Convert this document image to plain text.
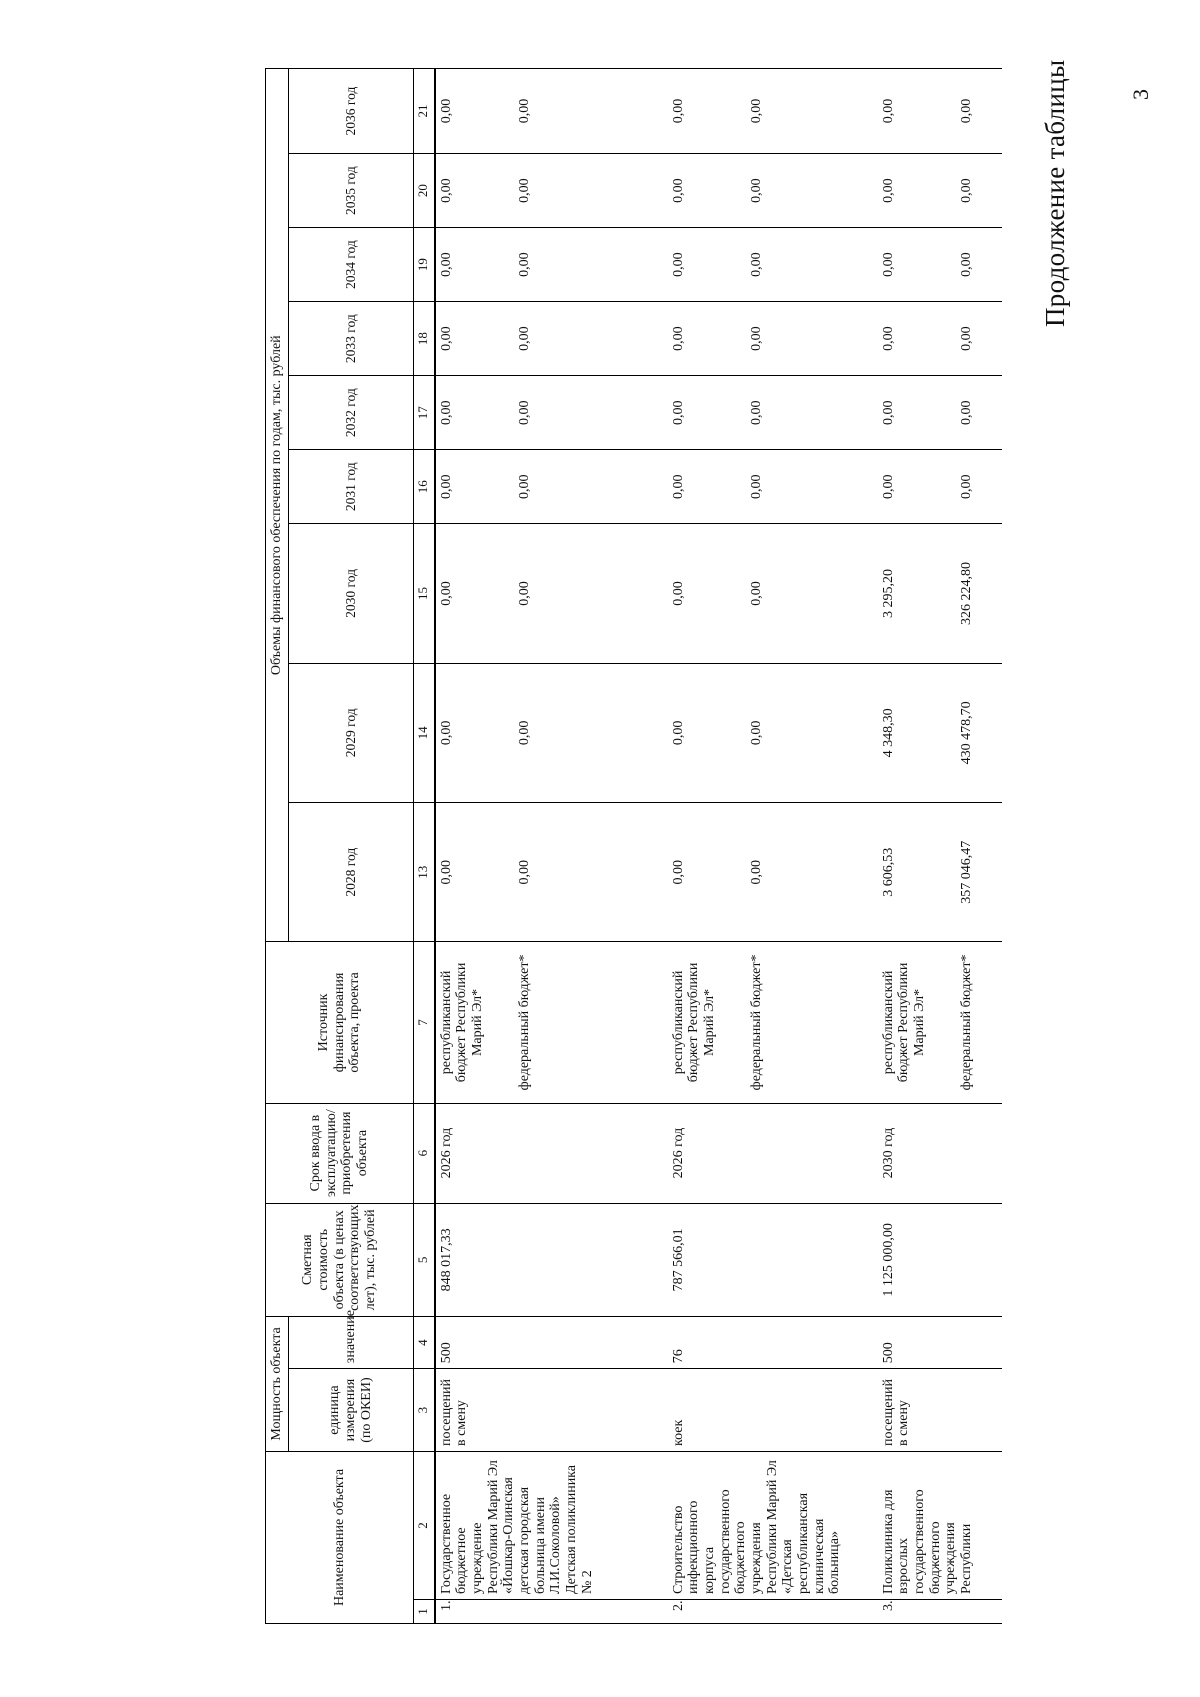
3
Продолжение таблицы
Наименование объекта		Мощность объекта		Сметная стоимость объекта (в ценах соответствующих лет), тыс. рублей	Срок ввода в эксплуатацию/ приобретения объекта	Источник финансирования объекта, проекта	Объемы финансового обеспечения по годам, тыс. рублей								
		единица измерения (по ОКЕИ)	значение				2028 год	2029 год	2030 год	2031 год	2032 год	2033 год	2034 год	2035 год	2036 год
1	2	3	4	5	6	7	13	14	15	16	17	18	19	20	21
1.	Государственное бюджетное учреждение Республики Марий Эл «Йошкар-Олинская детская городская больница имени Л.И.Соколовой» Детская поликлиника № 2	посещений в смену	500	848 017,33	2026 год	республиканский бюджет Республики Марий Эл*	0,00	0,00	0,00	0,00	0,00	0,00	0,00	0,00	0,00
						федеральный бюджет*	0,00	0,00	0,00	0,00	0,00	0,00	0,00	0,00	0,00
2.	Строительство инфекционного корпуса государственного бюджетного учреждения Республики Марий Эл «Детская республиканская клиническая больница»	коек	76	787 566,01	2026 год	республиканский бюджет Республики Марий Эл*	0,00	0,00	0,00	0,00	0,00	0,00	0,00	0,00	0,00
						федеральный бюджет*	0,00	0,00	0,00	0,00	0,00	0,00	0,00	0,00	0,00
3.	Поликлиника для взрослых государственного бюджетного учреждения Республики	посещений в смену	500	1 125 000,00	2030 год	республиканский бюджет Республики Марий Эл*	3 606,53	4 348,30	3 295,20	0,00	0,00	0,00	0,00	0,00	0,00
						федеральный бюджет*	357 046,47	430 478,70	326 224,80	0,00	0,00	0,00	0,00	0,00	0,00
